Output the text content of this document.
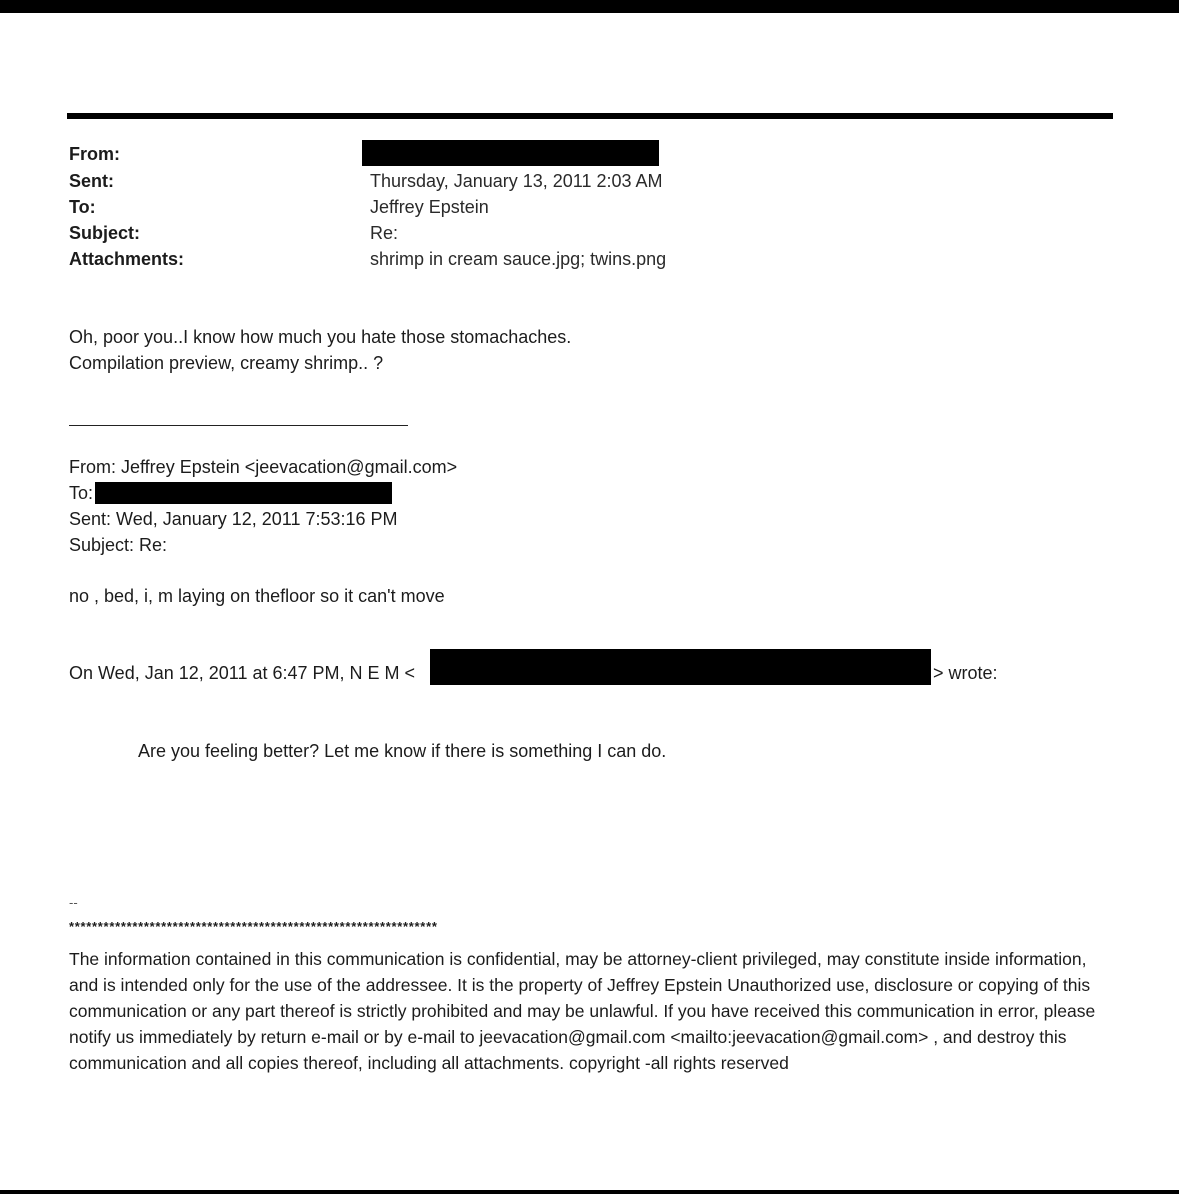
From:
Sent:	Thursday, January 13, 2011 2:03 AM
To:	Jeffrey Epstein
Subject:	Re:
Attachments:	shrimp in cream sauce.jpg; twins.png
Oh, poor you..I know how much you hate those stomachaches.
Compilation preview, creamy shrimp.. ?
From: Jeffrey Epstein <jeevacation@gmail.com>
To:
Sent: Wed, January 12, 2011 7:53:16 PM
Subject: Re:
no , bed, i, m laying on thefloor so it can't move
On Wed, Jan 12, 2011 at 6:47 PM, N E M <	> wrote:
Are you feeling better? Let me know if there is something I can do.
--
****************************************************************
The information contained in this communication is confidential, may be attorney-client privileged, may constitute inside information, and is intended only for the use of the addressee. It is the property of Jeffrey Epstein Unauthorized use, disclosure or copying of this communication or any part thereof is strictly prohibited and may be unlawful. If you have received this communication in error, please notify us immediately by return e-mail or by e-mail to jeevacation@gmail.com <mailto:jeevacation@gmail.com> , and destroy this communication and all copies thereof, including all attachments. copyright -all rights reserved
